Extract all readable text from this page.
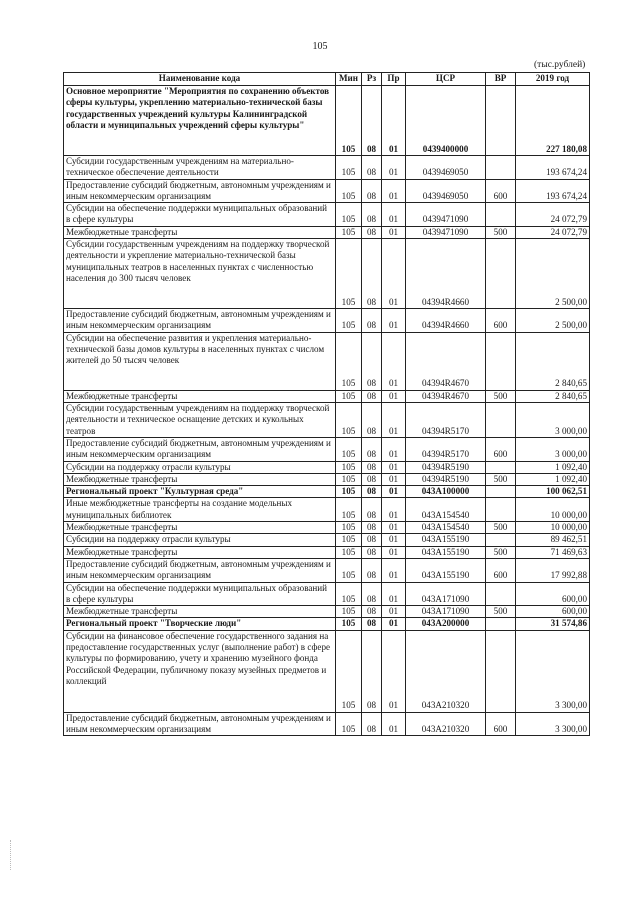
105
(тыс.рублей)
Наименование кода	Мин	Рз	Пр	ЦСР	ВР	2019 год
Основное мероприятие "Мероприятия по сохранению объектов сферы культуры, укреплению материально-технической базы государственных учреждений культуры Калининградской области и муниципальных учреждений сферы культуры"	105	08	01	0439400000		227 180,08
Субсидии государственным учреждениям на материально-техническое обеспечение деятельности	105	08	01	0439469050		193 674,24
Предоставление субсидий бюджетным, автономным учреждениям и иным некоммерческим организациям	105	08	01	0439469050	600	193 674,24
Субсидии на обеспечение поддержки муниципальных образований в сфере культуры	105	08	01	0439471090		24 072,79
Межбюджетные трансферты	105	08	01	0439471090	500	24 072,79
Субсидии государственным учреждениям на поддержку творческой деятельности и укрепление материально-технической базы муниципальных театров в населенных пунктах с численностью населения до 300 тысяч человек	105	08	01	04394R4660		2 500,00
Предоставление субсидий бюджетным, автономным учреждениям и иным некоммерческим организациям	105	08	01	04394R4660	600	2 500,00
Субсидии на обеспечение развития и укрепления материально-технической базы домов культуры в населенных пунктах с числом жителей до 50 тысяч человек	105	08	01	04394R4670		2 840,65
Межбюджетные трансферты	105	08	01	04394R4670	500	2 840,65
Субсидии государственным учреждениям на поддержку творческой деятельности и техническое оснащение детских и кукольных театров	105	08	01	04394R5170		3 000,00
Предоставление субсидий бюджетным, автономным учреждениям и иным некоммерческим организациям	105	08	01	04394R5170	600	3 000,00
Субсидии на поддержку отрасли культуры	105	08	01	04394R5190		1 092,40
Межбюджетные трансферты	105	08	01	04394R5190	500	1 092,40
Региональный проект "Культурная среда"	105	08	01	043A100000		100 062,51
Иные межбюджетные трансферты на создание модельных муниципальных библиотек	105	08	01	043A154540		10 000,00
Межбюджетные трансферты	105	08	01	043A154540	500	10 000,00
Субсидии на поддержку отрасли культуры	105	08	01	043A155190		89 462,51
Межбюджетные трансферты	105	08	01	043A155190	500	71 469,63
Предоставление субсидий бюджетным, автономным учреждениям и иным некоммерческим организациям	105	08	01	043A155190	600	17 992,88
Субсидии на обеспечение поддержки муниципальных образований в сфере культуры	105	08	01	043A171090		600,00
Межбюджетные трансферты	105	08	01	043A171090	500	600,00
Региональный проект "Творческие люди"	105	08	01	043A200000		31 574,86
Субсидии на финансовое обеспечение государственного задания на предоставление государственных услуг (выполнение работ) в сфере культуры по формированию, учету и хранению музейного фонда Российской Федерации, публичному показу музейных предметов и коллекций	105	08	01	043A210320		3 300,00
Предоставление субсидий бюджетным, автономным учреждениям и иным некоммерческим организациям	105	08	01	043A210320	600	3 300,00
